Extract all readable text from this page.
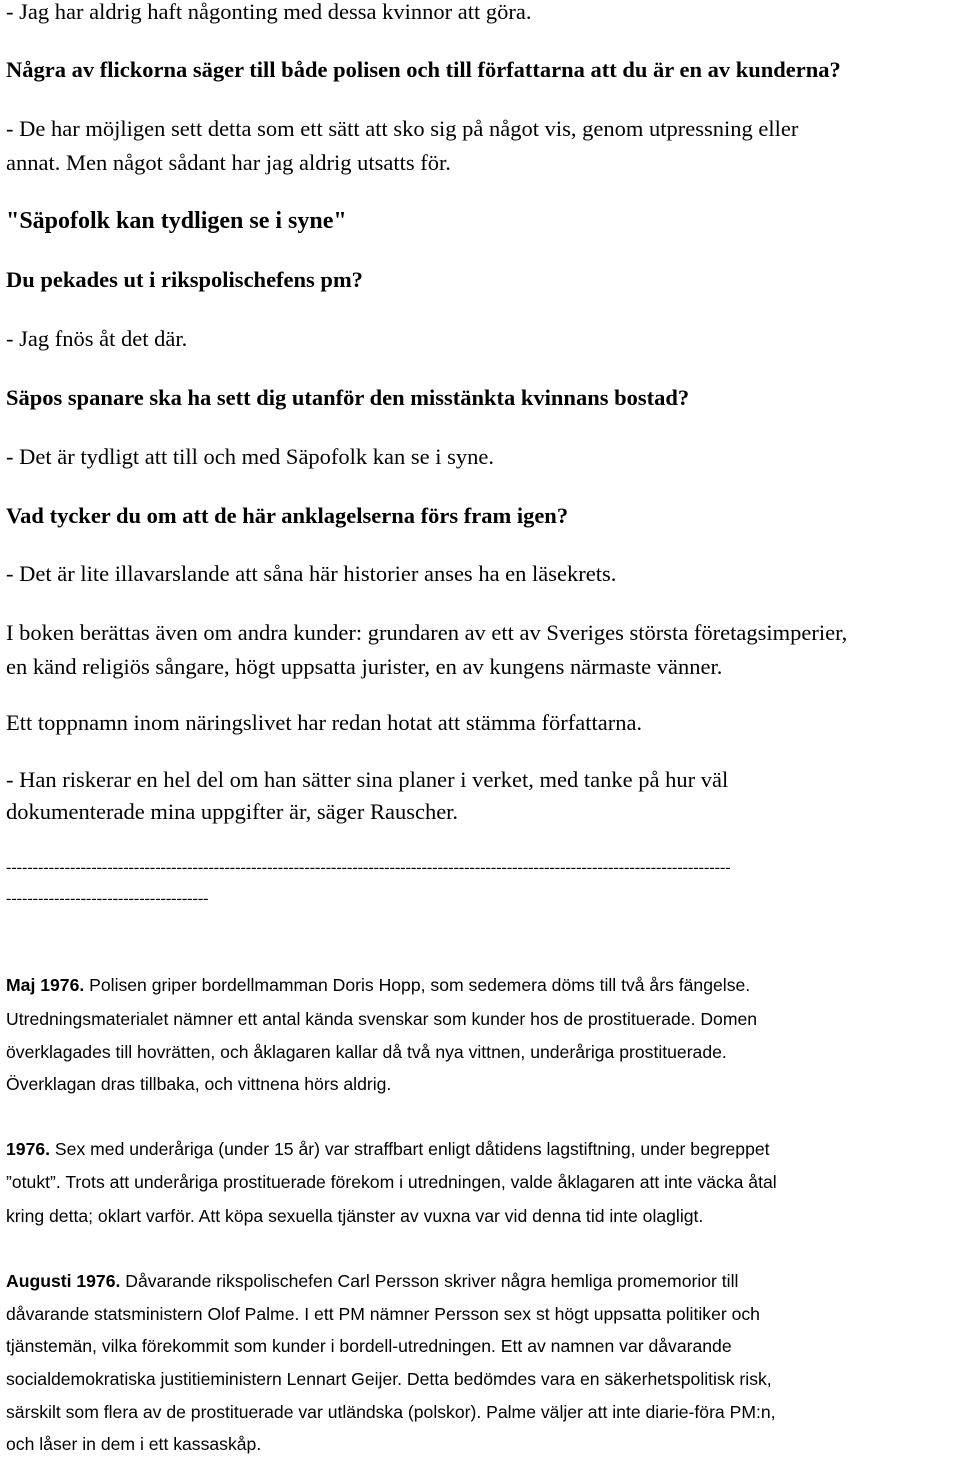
- Jag har aldrig haft någonting med dessa kvinnor att göra.
Några av flickorna säger till både polisen och till författarna att du är en av kunderna?
- De har möjligen sett detta som ett sätt att sko sig på något vis, genom utpressning eller
annat. Men något sådant har jag aldrig utsatts för.
"Säpofolk kan tydligen se i syne"
Du pekades ut i rikspolischefens pm?
- Jag fnös åt det där.
Säpos spanare ska ha sett dig utanför den misstänkta kvinnans bostad?
- Det är tydligt att till och med Säpofolk kan se i syne.
Vad tycker du om att de här anklagelserna förs fram igen?
- Det är lite illavarslande att såna här historier anses ha en läsekrets.
I boken berättas även om andra kunder: grundaren av ett av Sveriges största företagsimperier,
en känd religiös sångare, högt uppsatta jurister, en av kungens närmaste vänner.
Ett toppnamn inom näringslivet har redan hotat att stämma författarna.
- Han riskerar en hel del om han sätter sina planer i verket, med tanke på hur väl
dokumenterade mina uppgifter är, säger Rauscher.
----------------------------------------------------------------------------------------------------------------------------------------
--------------------------------------
Maj 1976. Polisen griper bordellmamman Doris Hopp, som sedemera döms till två års fängelse.
Utredningsmaterialet nämner ett antal kända svenskar som kunder hos de prostituerade. Domen
överklagades till hovrätten, och åklagaren kallar då två nya vittnen, underåriga prostituerade.
Överklagan dras tillbaka, och vittnena hörs aldrig.
1976. Sex med underåriga (under 15 år) var straffbart enligt dåtidens lagstiftning, under begreppet
”otukt”. Trots att underåriga prostituerade förekom i utredningen, valde åklagaren att inte väcka åtal
kring detta; oklart varför. Att köpa sexuella tjänster av vuxna var vid denna tid inte olagligt.
Augusti 1976. Dåvarande rikspolischefen Carl Persson skriver några hemliga promemorior till
dåvarande statsministern Olof Palme. I ett PM nämner Persson sex st högt uppsatta politiker och
tjänstemän, vilka förekommit som kunder i bordell-utredningen. Ett av namnen var dåvarande
socialdemokratiska justitieministern Lennart Geijer. Detta bedömdes vara en säkerhetspolitisk risk,
särskilt som flera av de prostituerade var utländska (polskor). Palme väljer att inte diarie-föra PM:n,
och låser in dem i ett kassaskåp.
